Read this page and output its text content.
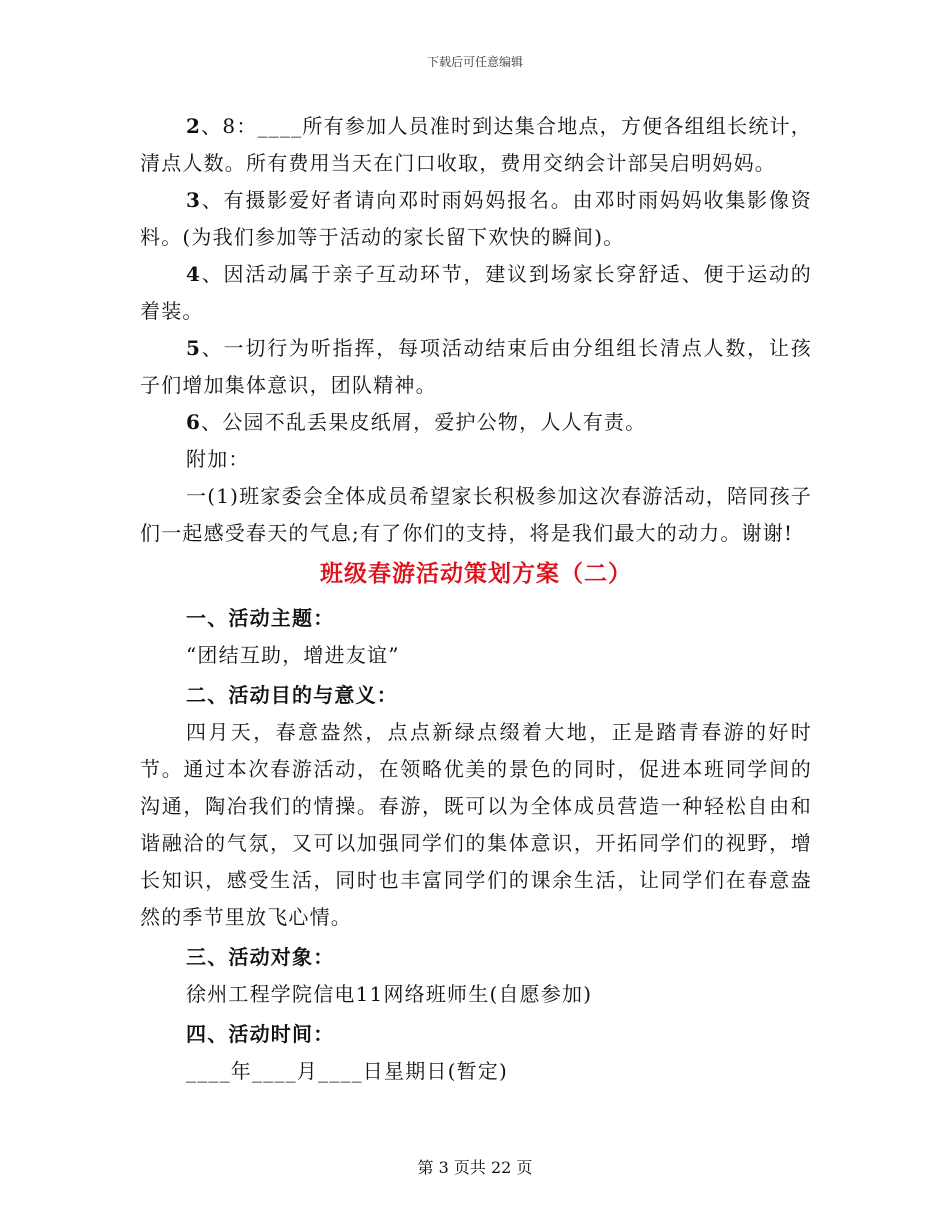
下载后可任意编辑

2、8：____所有参加人员准时到达集合地点，方便各组组长统计，清点人数。所有费用当天在门口收取，费用交纳会计部吴启明妈妈。

3、有摄影爱好者请向邓时雨妈妈报名。由邓时雨妈妈收集影像资料。(为我们参加等于活动的家长留下欢快的瞬间)。

4、因活动属于亲子互动环节，建议到场家长穿舒适、便于运动的着装。

5、一切行为听指挥，每项活动结束后由分组组长清点人数，让孩子们增加集体意识，团队精神。

6、公园不乱丢果皮纸屑，爱护公物，人人有责。

附加：

一(1)班家委会全体成员希望家长积极参加这次春游活动，陪同孩子们一起感受春天的气息;有了你们的支持，将是我们最大的动力。谢谢!

班级春游活动策划方案（二）

一、活动主题：

“团结互助，增进友谊”

二、活动目的与意义：

四月天，春意盎然，点点新绿点缀着大地，正是踏青春游的好时节。通过本次春游活动，在领略优美的景色的同时，促进本班同学间的沟通，陶冶我们的情操。春游，既可以为全体成员营造一种轻松自由和谐融洽的气氛，又可以加强同学们的集体意识，开拓同学们的视野，增长知识，感受生活，同时也丰富同学们的课余生活，让同学们在春意盎然的季节里放飞心情。

三、活动对象：

徐州工程学院信电11网络班师生(自愿参加)

四、活动时间：

____年____月____日星期日(暂定)

第 3 页共 22 页
